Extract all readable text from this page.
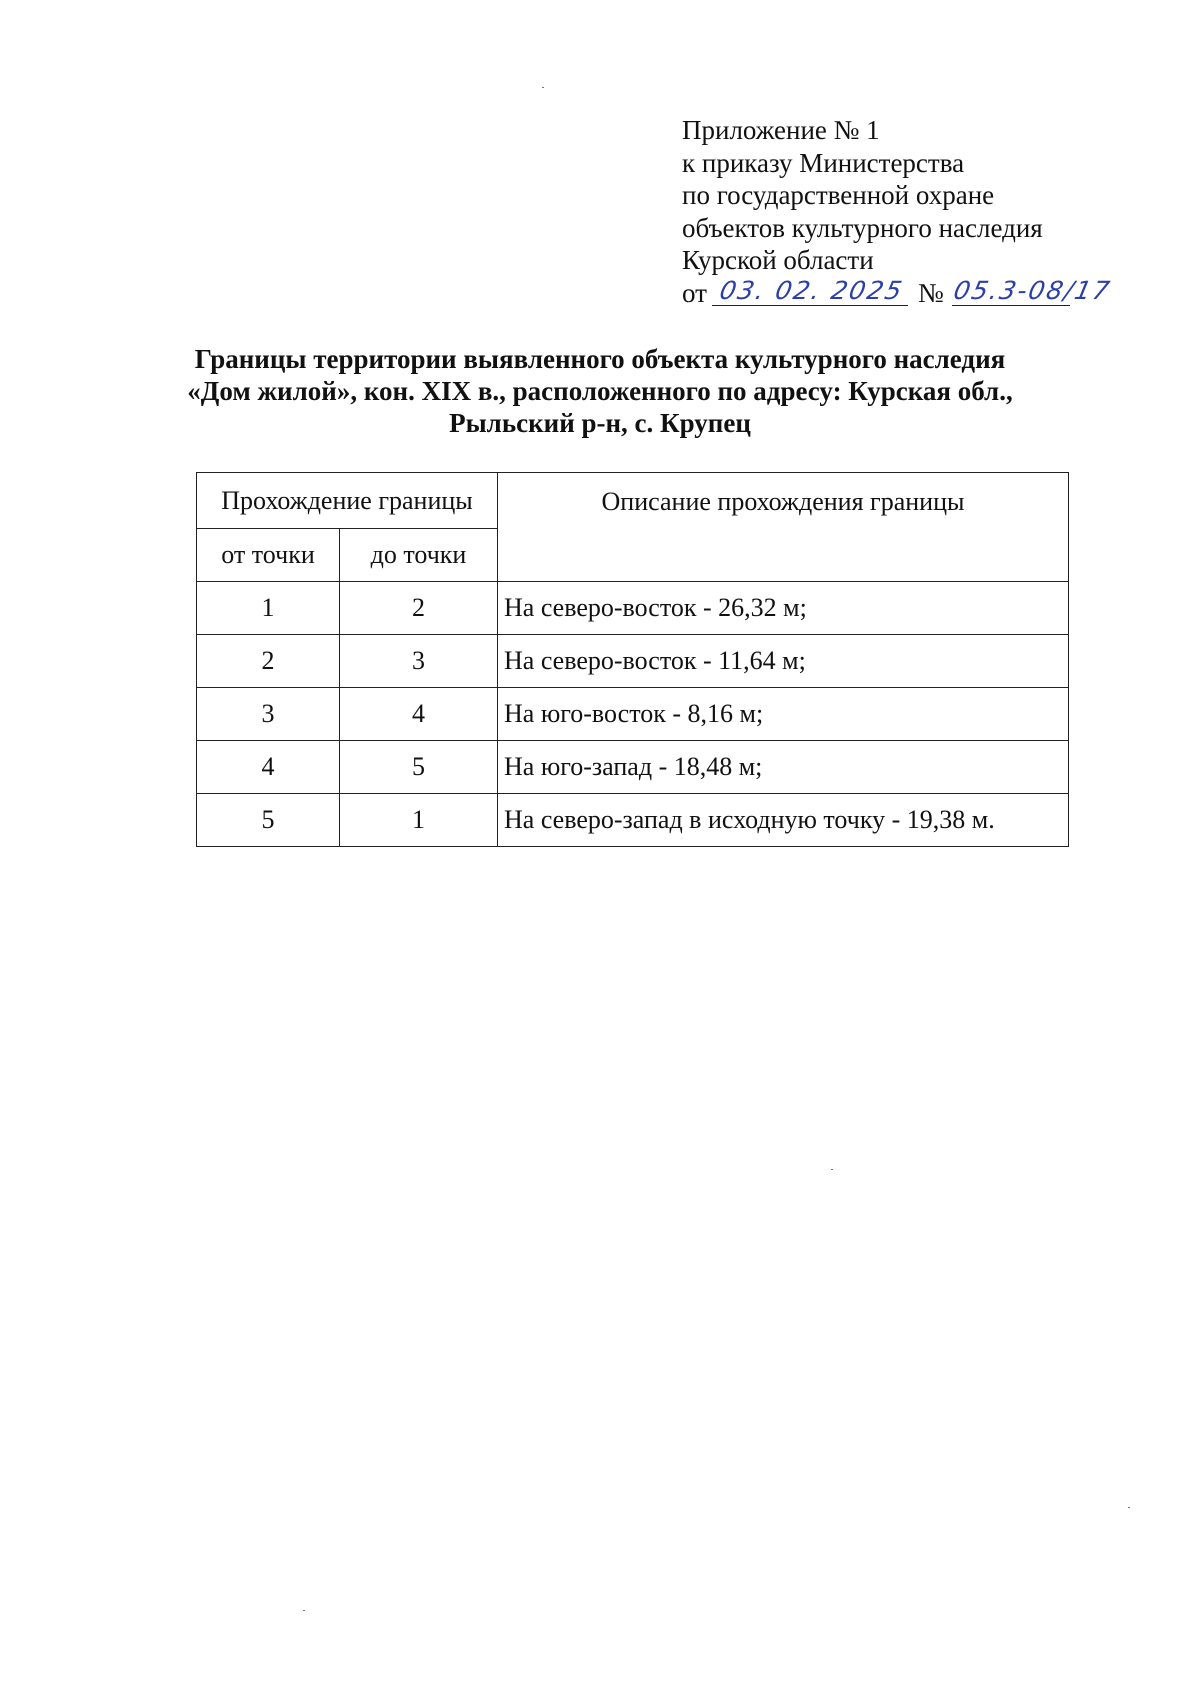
Приложение № 1
к приказу Министерства
по государственной охране
объектов культурного наследия
Курской области
от 03. 02. 2025 № 05.3-08/17
Границы территории выявленного объекта культурного наследия
«Дом жилой», кон. XIX в., расположенного по адресу: Курская обл.,
Рыльский р-н, с. Крупец
Прохождение границы		Описание прохождения границы
от точки	до точки	
1	2	На северо-восток - 26,32 м;
2	3	На северо-восток - 11,64 м;
3	4	На юго-восток - 8,16 м;
4	5	На юго-запад - 18,48 м;
5	1	На северо-запад в исходную точку - 19,38 м.
